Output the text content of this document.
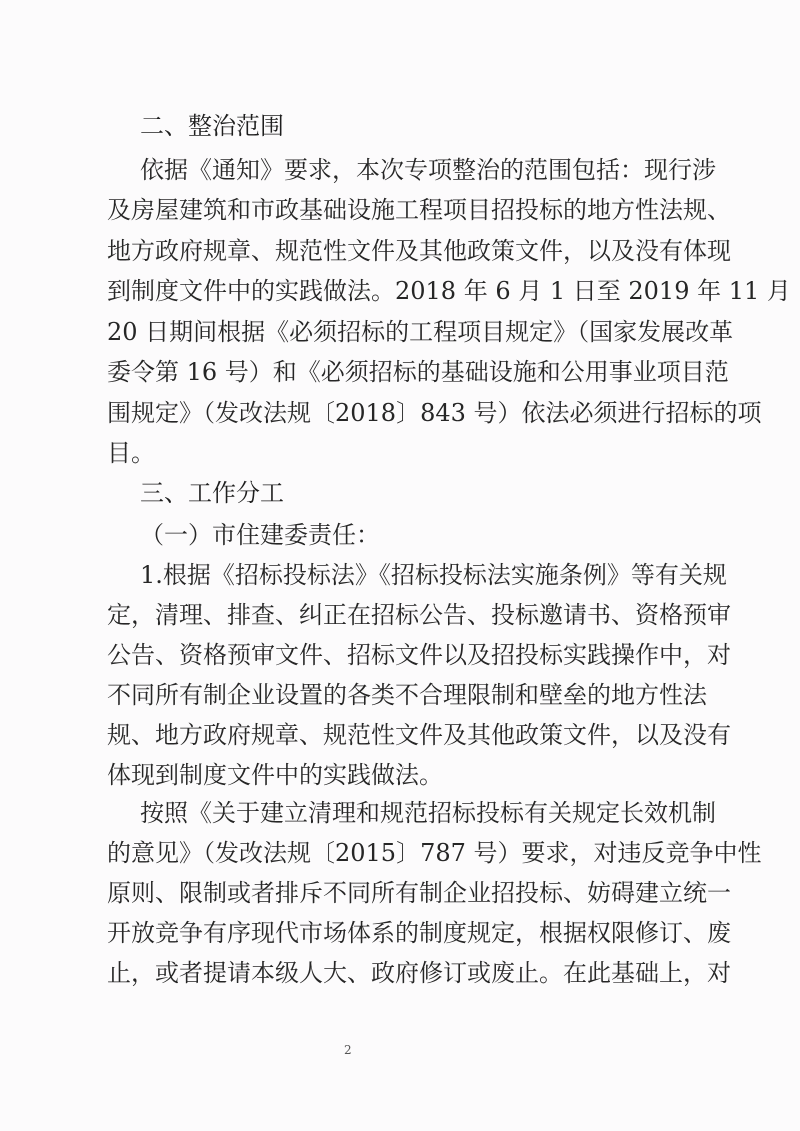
二、整治范围
依据《通知》要求，本次专项整治的范围包括：现行涉
及房屋建筑和市政基础设施工程项目招投标的地方性法规、
地方政府规章、规范性文件及其他政策文件，以及没有体现
到制度文件中的实践做法。2018 年 6 月 1 日至 2019 年 11 月
20 日期间根据《必须招标的工程项目规定》（国家发展改革
委令第 16 号）和《必须招标的基础设施和公用事业项目范
围规定》（发改法规〔2018〕843 号）依法必须进行招标的项
目。
三、工作分工
（一）市住建委责任：
1.根据《招标投标法》《招标投标法实施条例》等有关规
定，清理、排查、纠正在招标公告、投标邀请书、资格预审
公告、资格预审文件、招标文件以及招投标实践操作中，对
不同所有制企业设置的各类不合理限制和壁垒的地方性法
规、地方政府规章、规范性文件及其他政策文件，以及没有
体现到制度文件中的实践做法。
按照《关于建立清理和规范招标投标有关规定长效机制
的意见》（发改法规〔2015〕787 号）要求，对违反竞争中性
原则、限制或者排斥不同所有制企业招投标、妨碍建立统一
开放竞争有序现代市场体系的制度规定，根据权限修订、废
止，或者提请本级人大、政府修订或废止。在此基础上，对
2
